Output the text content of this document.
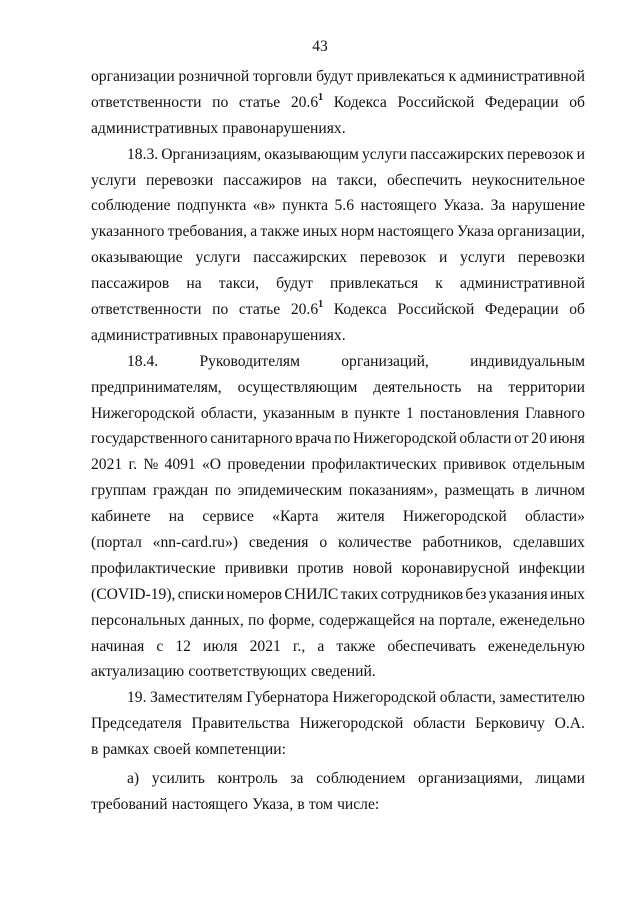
43
организации розничной торговли будут привлекаться к административной
ответственности по статье 20.6$^1$ Кодекса Российской Федерации об
административных правонарушениях.
18.3. Организациям, оказывающим услуги пассажирских перевозок и
услуги перевозки пассажиров на такси, обеспечить неукоснительное
соблюдение подпункта «в» пункта 5.6 настоящего Указа. За нарушение
указанного требования, а также иных норм настоящего Указа организации,
оказывающие услуги пассажирских перевозок и услуги перевозки
пассажиров на такси, будут привлекаться к административной
ответственности по статье 20.6$^1$ Кодекса Российской Федерации об
административных правонарушениях.
18.4.	Руководителям	организаций,	индивидуальным
предпринимателям, осуществляющим деятельность на территории
Нижегородской области, указанным в пункте 1 постановления Главного
государственного санитарного врача по Нижегородской области от 20 июня
2021 г. № 4091 «О проведении профилактических прививок отдельным
группам граждан по эпидемическим показаниям», размещать в личном
кабинете на сервисе «Карта жителя Нижегородской области»
(портал «nn-card.ru») сведения о количестве работников, сделавших
профилактические прививки против новой коронавирусной инфекции
(COVID-19), списки номеров СНИЛС таких сотрудников без указания иных
персональных данных, по форме, содержащейся на портале, еженедельно
начиная с 12 июля 2021 г., а также обеспечивать еженедельную
актуализацию соответствующих сведений.
19. Заместителям Губернатора Нижегородской области, заместителю
Председателя Правительства Нижегородской области Берковичу О.А.
в рамках своей компетенции:
а) усилить контроль за соблюдением организациями, лицами
требований настоящего Указа, в том числе:
